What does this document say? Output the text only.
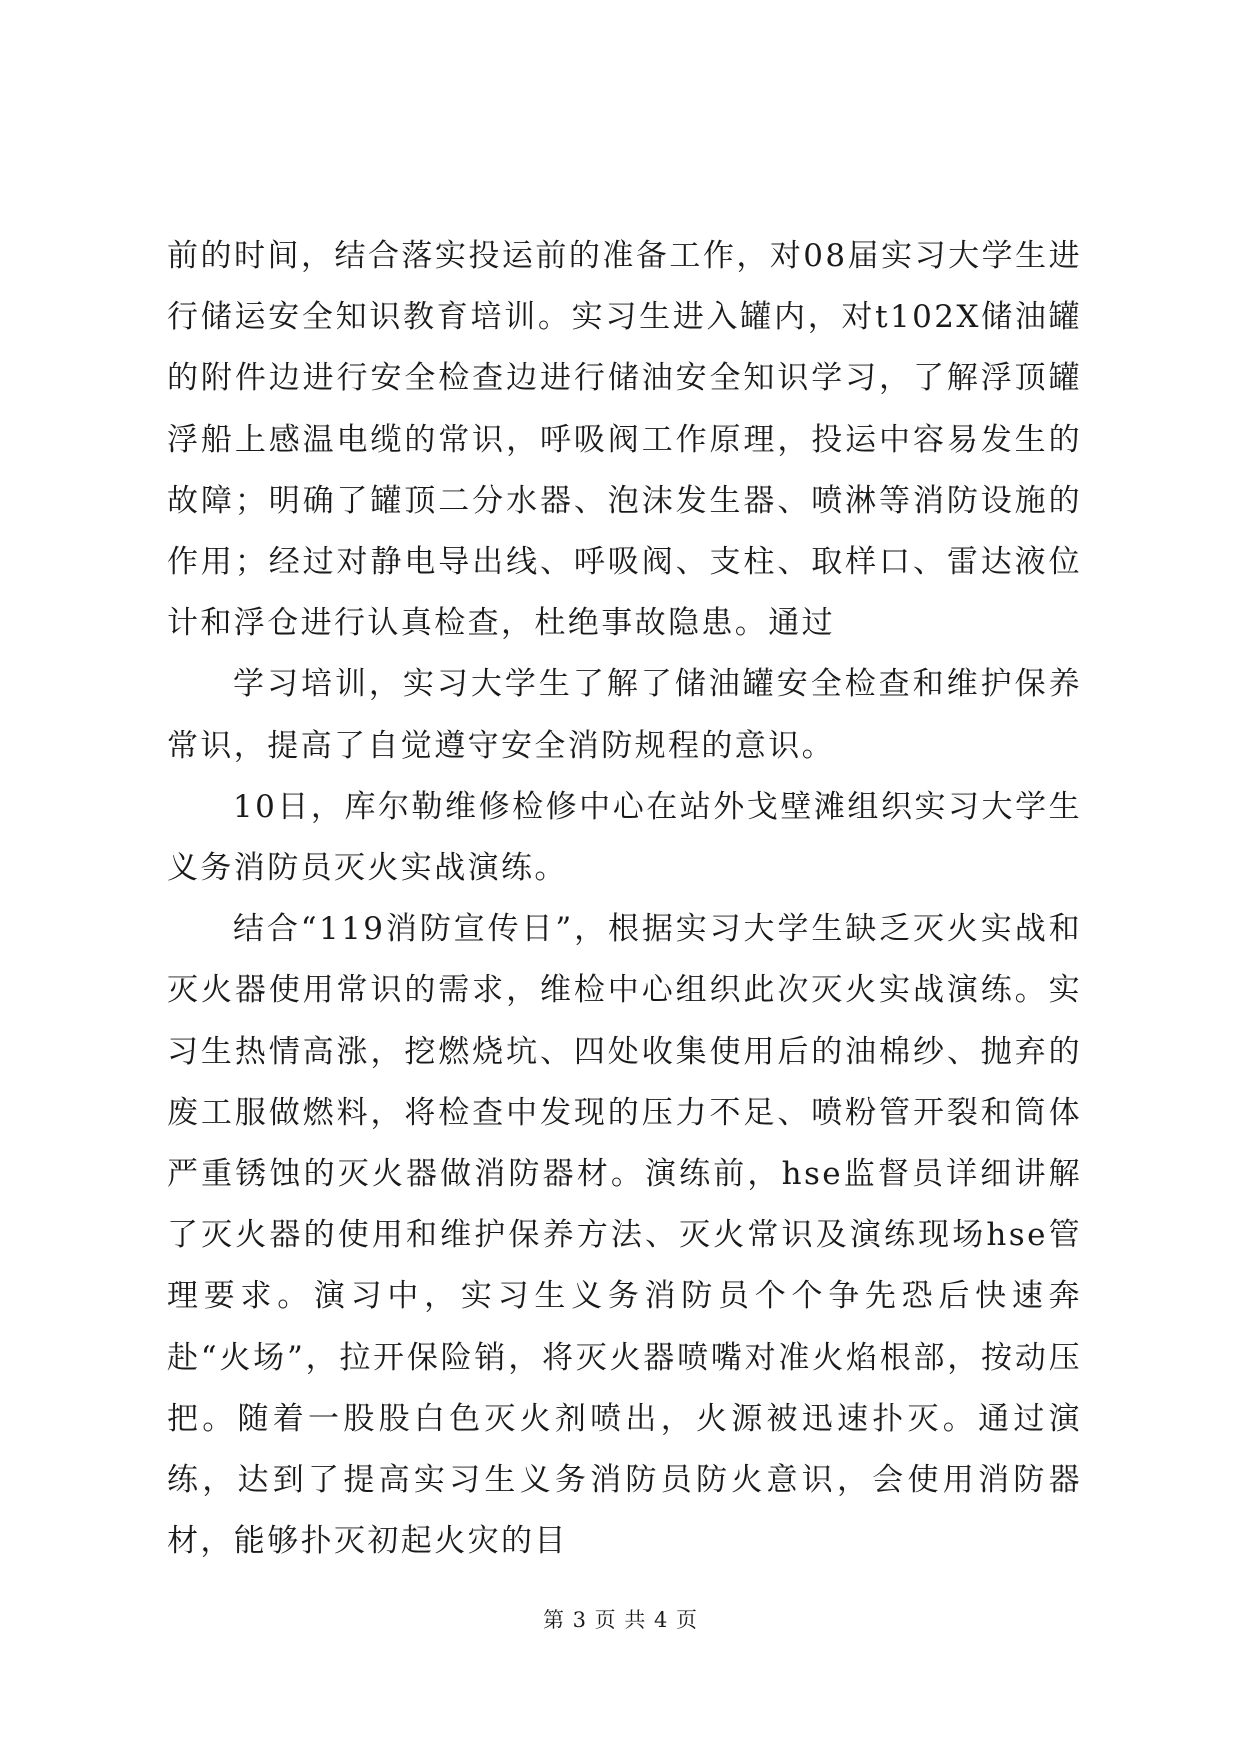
前的时间，结合落实投运前的准备工作，对08届实习大学生进行储运安全知识教育培训。实习生进入罐内，对t102X储油罐的附件边进行安全检查边进行储油安全知识学习，了解浮顶罐浮船上感温电缆的常识，呼吸阀工作原理，投运中容易发生的故障；明确了罐顶二分水器、泡沫发生器、喷淋等消防设施的作用；经过对静电导出线、呼吸阀、支柱、取样口、雷达液位计和浮仓进行认真检查，杜绝事故隐患。通过

学习培训，实习大学生了解了储油罐安全检查和维护保养常识，提高了自觉遵守安全消防规程的意识。

10日，库尔勒维修检修中心在站外戈壁滩组织实习大学生义务消防员灭火实战演练。

结合“119消防宣传日”，根据实习大学生缺乏灭火实战和灭火器使用常识的需求，维检中心组织此次灭火实战演练。实习生热情高涨，挖燃烧坑、四处收集使用后的油棉纱、抛弃的废工服做燃料，将检查中发现的压力不足、喷粉管开裂和筒体严重锈蚀的灭火器做消防器材。演练前，hse监督员详细讲解了灭火器的使用和维护保养方法、灭火常识及演练现场hse管理要求。演习中，实习生义务消防员个个争先恐后快速奔赴“火场”，拉开保险销，将灭火器喷嘴对准火焰根部，按动压把。随着一股股白色灭火剂喷出，火源被迅速扑灭。通过演练，达到了提高实习生义务消防员防火意识，会使用消防器材，能够扑灭初起火灾的目

第 3 页 共 4 页
